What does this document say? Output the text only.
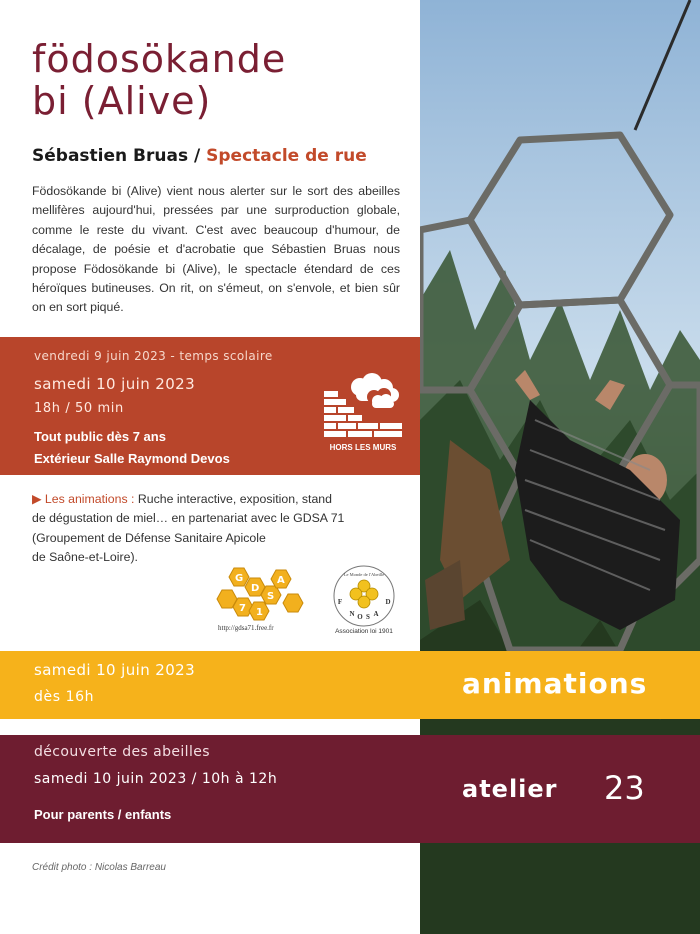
födosökande
bi (Alive)
Sébastien Bruas / Spectacle de rue
Födosökande bi (Alive) vient nous alerter sur le sort des abeilles mellifères aujourd'hui, pressées par une surproduction globale, comme le reste du vivant. C'est avec beaucoup d'humour, de décalage, de poésie et d'acrobatie que Sébastien Bruas nous propose Födosökande bi (Alive), le spectacle étendard de ces héroïques butineuses. On rit, on s'émeut, on s'envole, et bien sûr on en sort piqué.
vendredi 9 juin 2023 - temps scolaire
samedi 10 juin 2023
18h / 50 min
Tout public dès 7 ans
Extérieur Salle Raymond Devos
HORS LES MURS
▶ Les animations : Ruche interactive, exposition, stand
de dégustation de miel… en partenariat avec le GDSA 71
(Groupement de Défense Sanitaire Apicole
de Saône-et-Loire).
G
D
S
A
7 1
http://gdsa71.free.fr
Le Monde de l'Abeille
F
N O S A
D
Association loi 1901
samedi 10 juin 2023
dès 16h	animations
découverte des abeilles
samedi 10 juin 2023 / 10h à 12h
Pour parents / enfants
atelier 23
Crédit photo : Nicolas Barreau
